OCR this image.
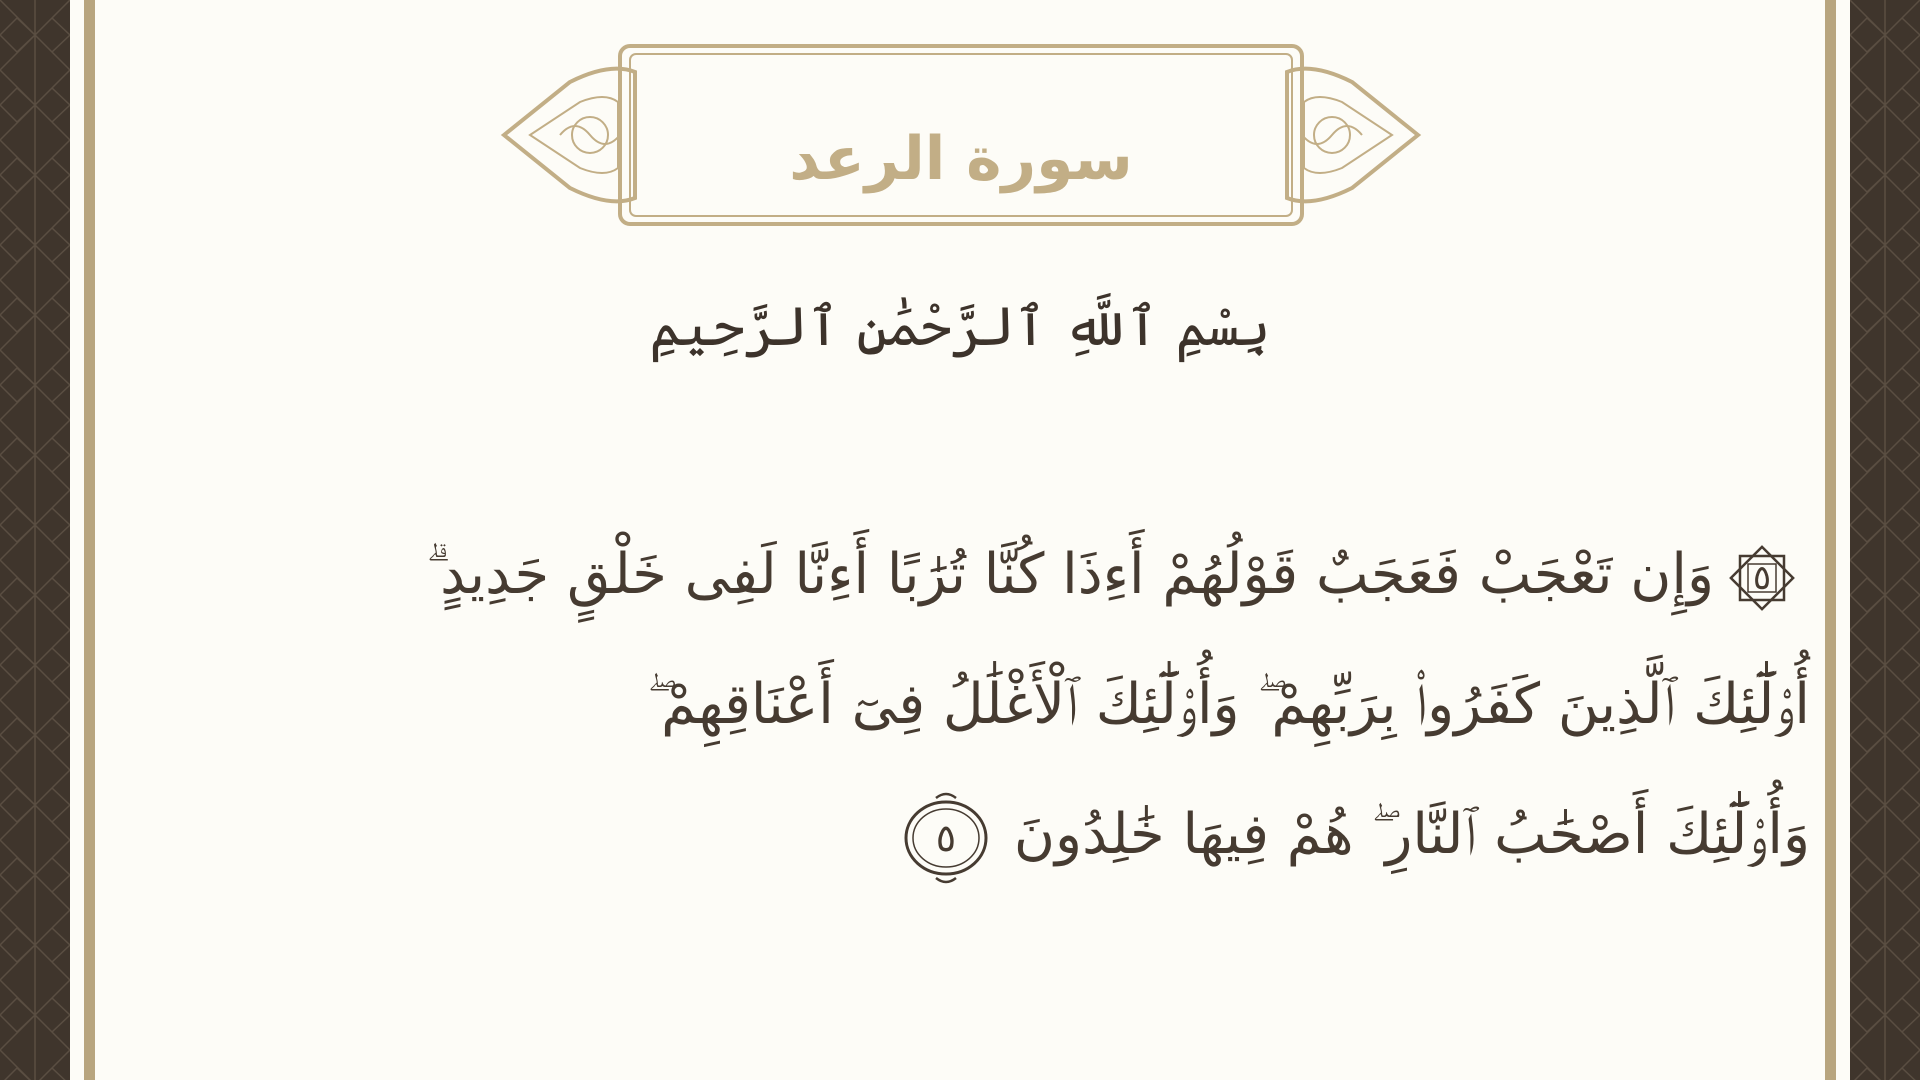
سورة الرعد
بِسْمِ ٱللَّهِ ٱلرَّحْمَٰنِ ٱلرَّحِيمِ
٥
وَإِن تَعْجَبْ فَعَجَبٌ قَوْلُهُمْ أَءِذَا كُنَّا تُرَٰبًا أَءِنَّا لَفِى خَلْقٍ جَدِيدٍ ۗ
أُو۟لَٰٓئِكَ ٱلَّذِينَ كَفَرُوا۟ بِرَبِّهِمْ ۖ وَأُو۟لَٰٓئِكَ ٱلْأَغْلَٰلُ فِىٓ أَعْنَاقِهِمْ ۖ
وَأُو۟لَٰٓئِكَ أَصْحَٰبُ ٱلنَّارِ ۖ هُمْ فِيهَا خَٰلِدُونَ
٥
